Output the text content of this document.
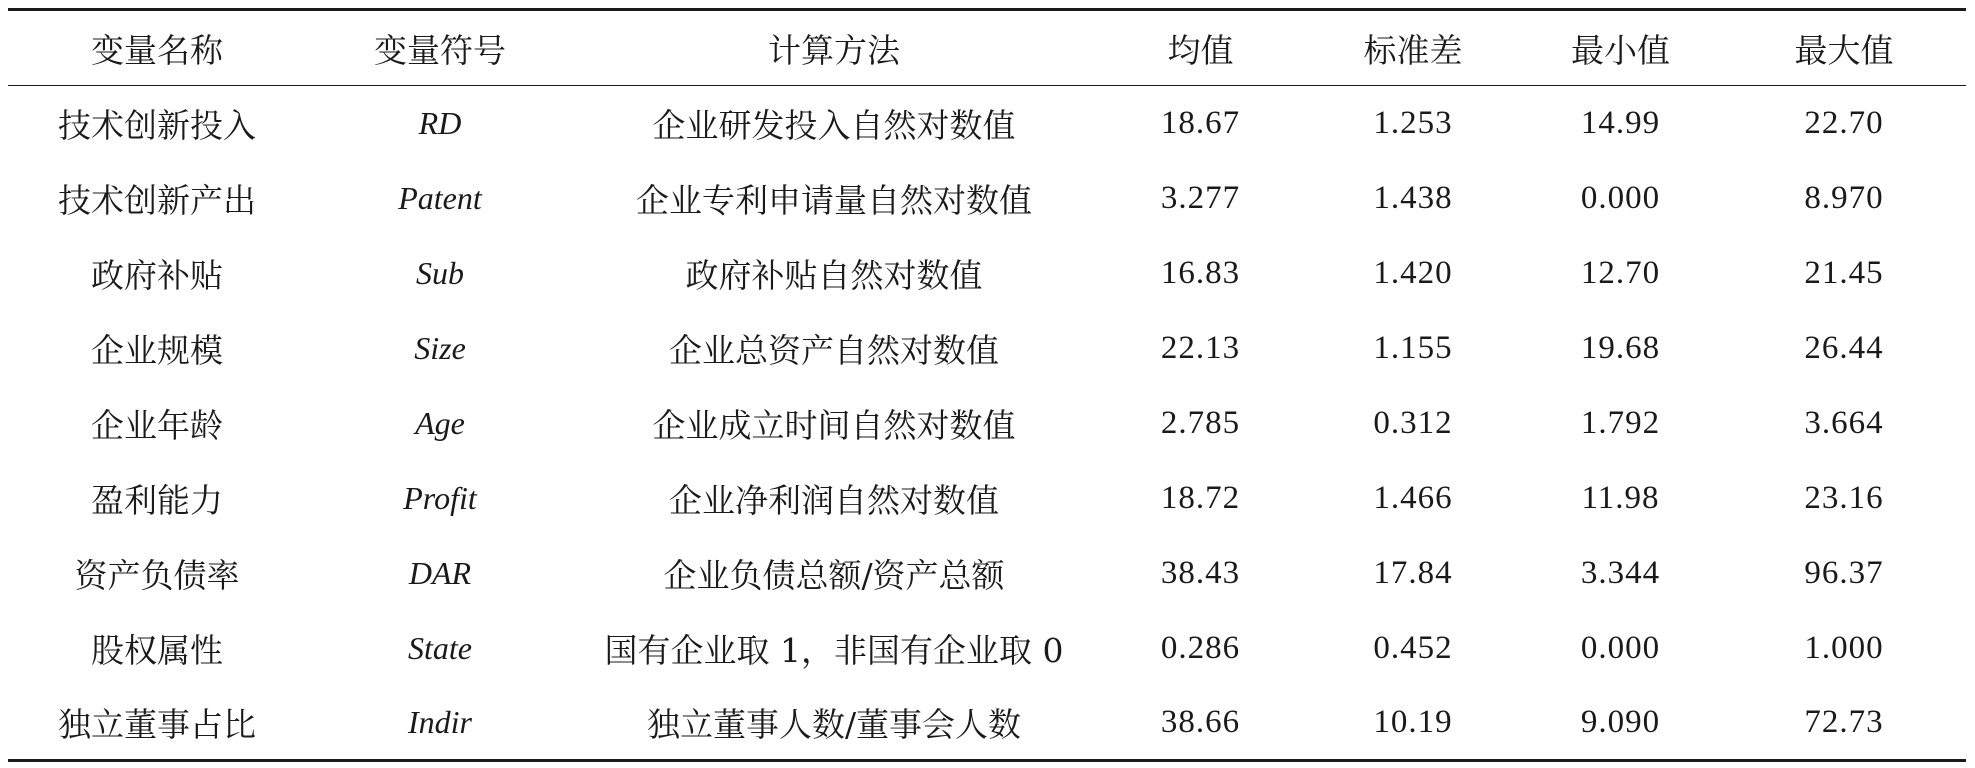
变量名称	变量符号	计算方法	均值	标准差	最小值	最大值
技术创新投入	RD	企业研发投入自然对数值	18.67	1.253	14.99	22.70
技术创新产出	Patent	企业专利申请量自然对数值	3.277	1.438	0.000	8.970
政府补贴	Sub	政府补贴自然对数值	16.83	1.420	12.70	21.45
企业规模	Size	企业总资产自然对数值	22.13	1.155	19.68	26.44
企业年龄	Age	企业成立时间自然对数值	2.785	0.312	1.792	3.664
盈利能力	Profit	企业净利润自然对数值	18.72	1.466	11.98	23.16
资产负债率	DAR	企业负债总额/资产总额	38.43	17.84	3.344	96.37
股权属性	State	国有企业取 1，非国有企业取 0	0.286	0.452	0.000	1.000
独立董事占比	Indir	独立董事人数/董事会人数	38.66	10.19	9.090	72.73
